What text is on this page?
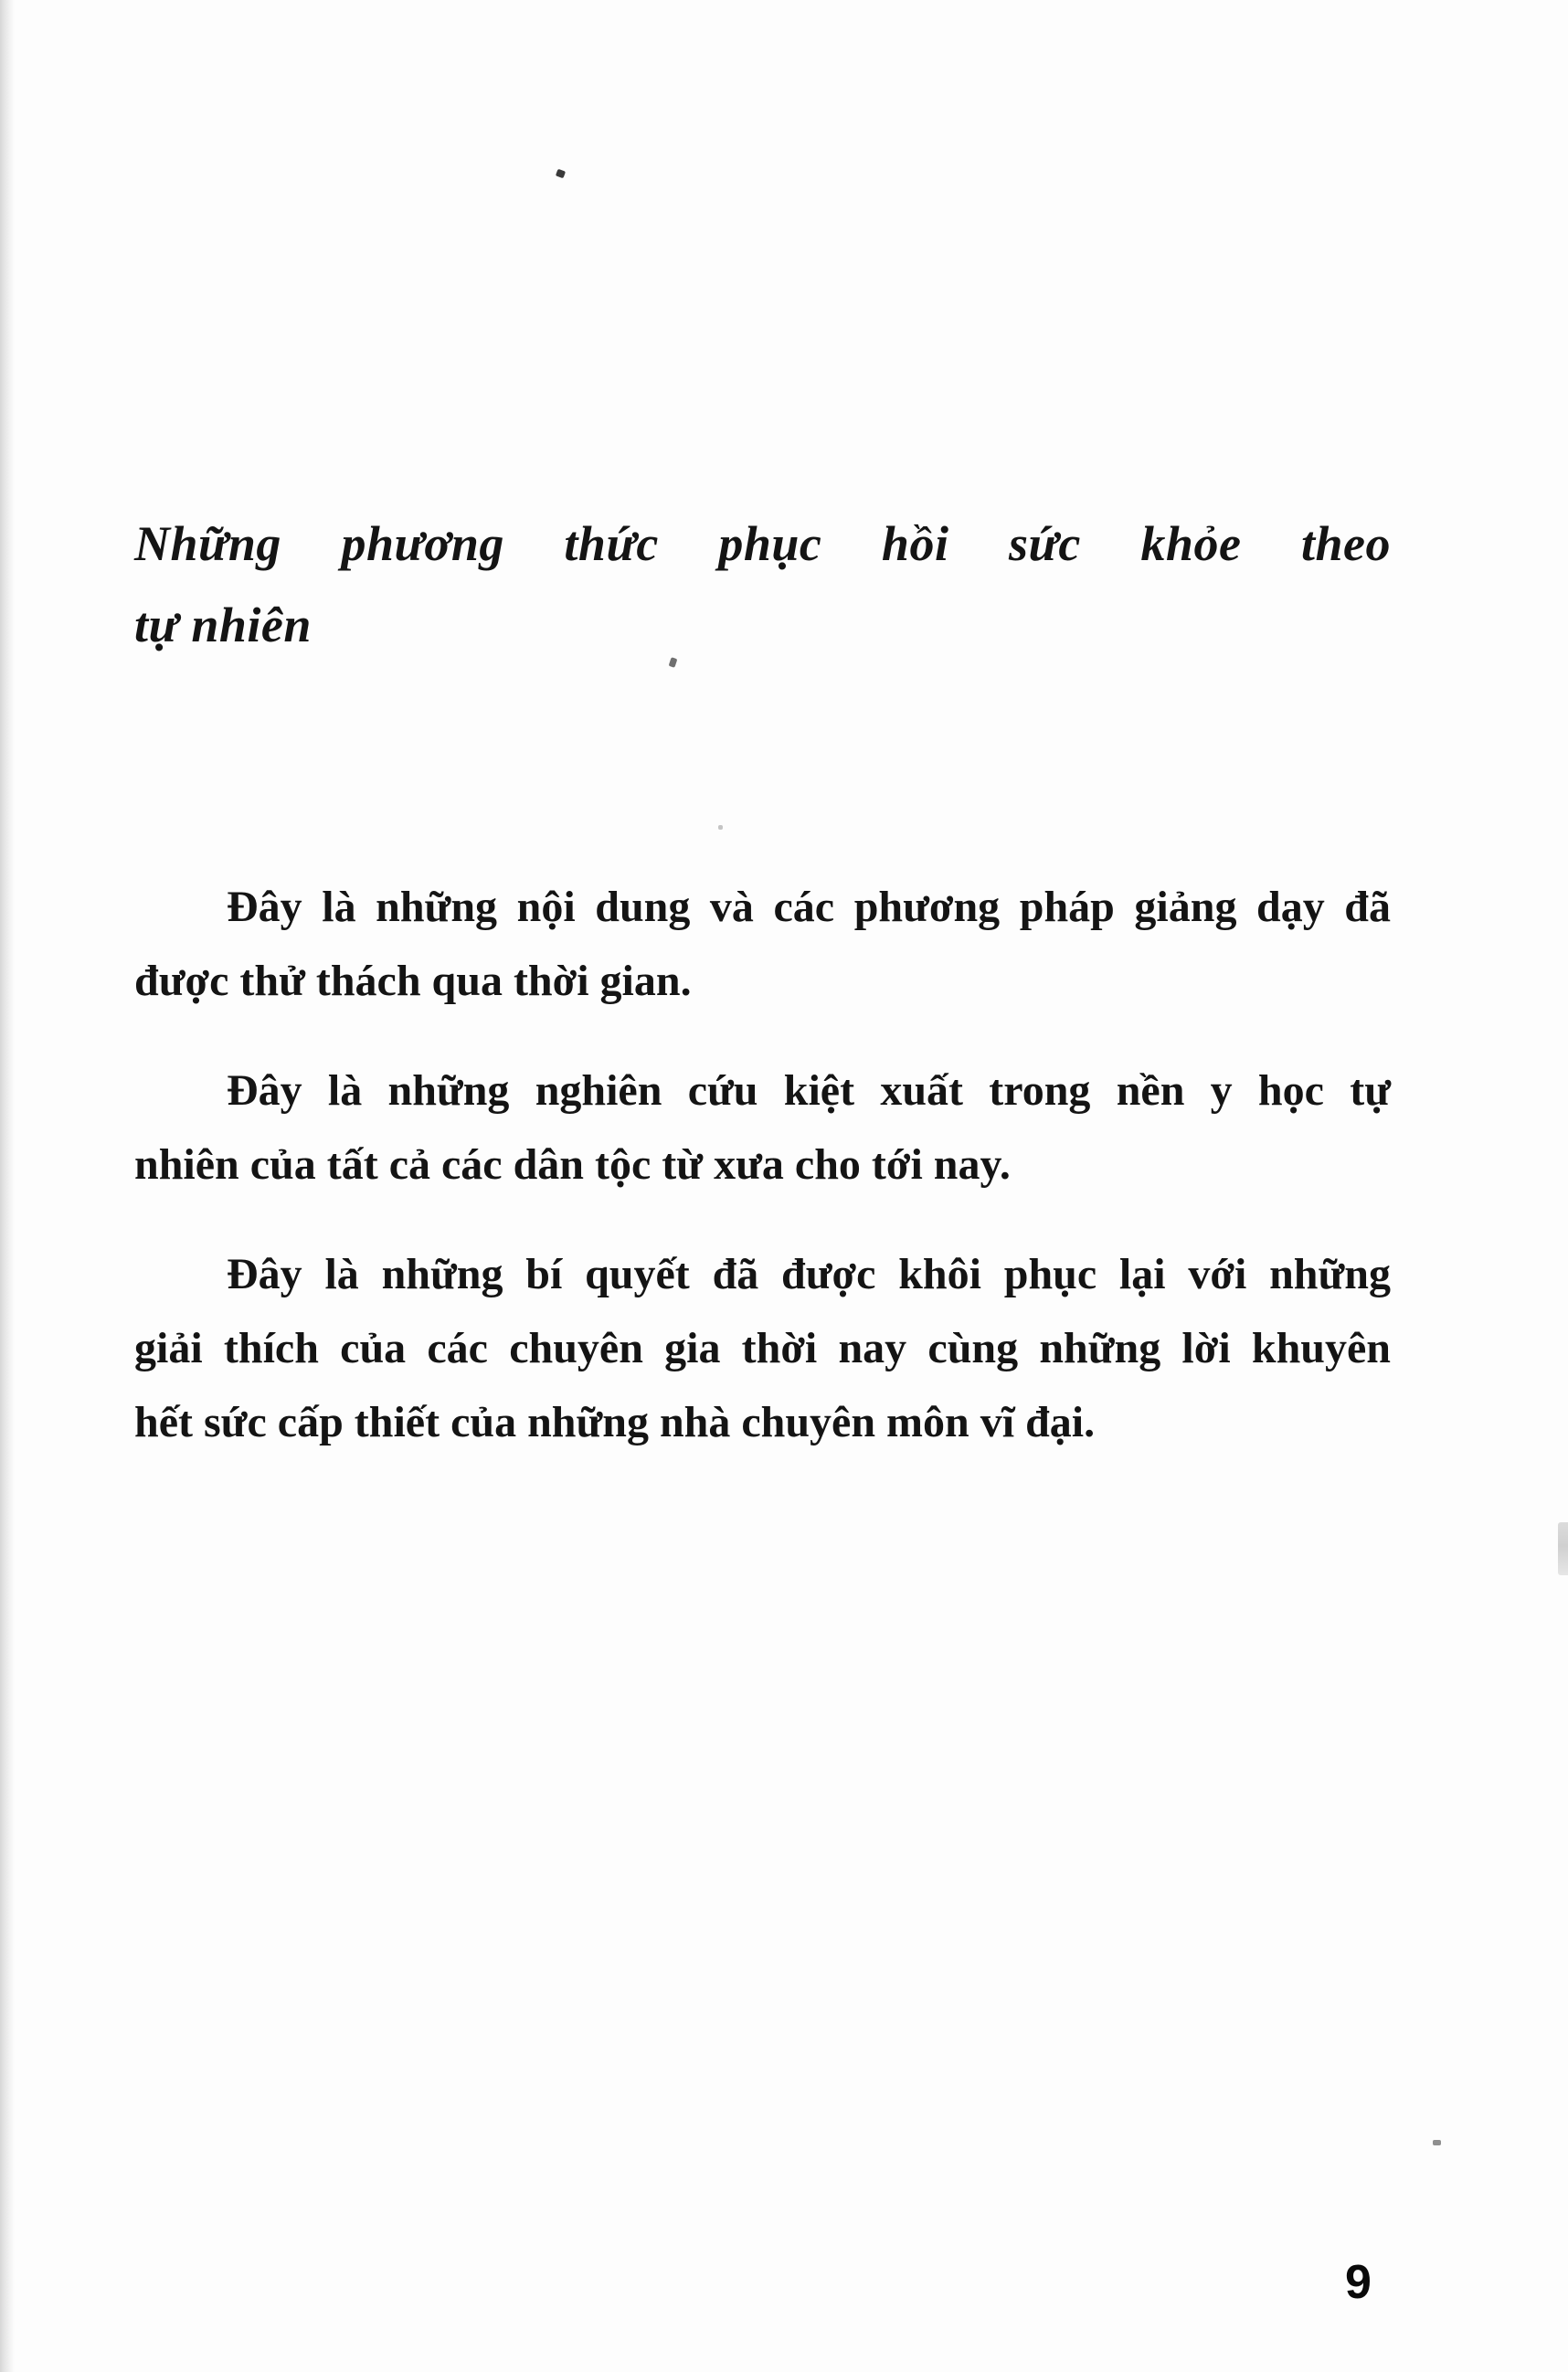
Những phương thức phục hồi sức khỏe theo
tự nhiên

Đây là những nội dung và các phương pháp giảng dạy đã
được thử thách qua thời gian.

Đây là những nghiên cứu kiệt xuất trong nền y học tự
nhiên của tất cả các dân tộc từ xưa cho tới nay.

Đây là những bí quyết đã được khôi phục lại với những
giải thích của các chuyên gia thời nay cùng những lời khuyên
hết sức cấp thiết của những nhà chuyên môn vĩ đại.

9
